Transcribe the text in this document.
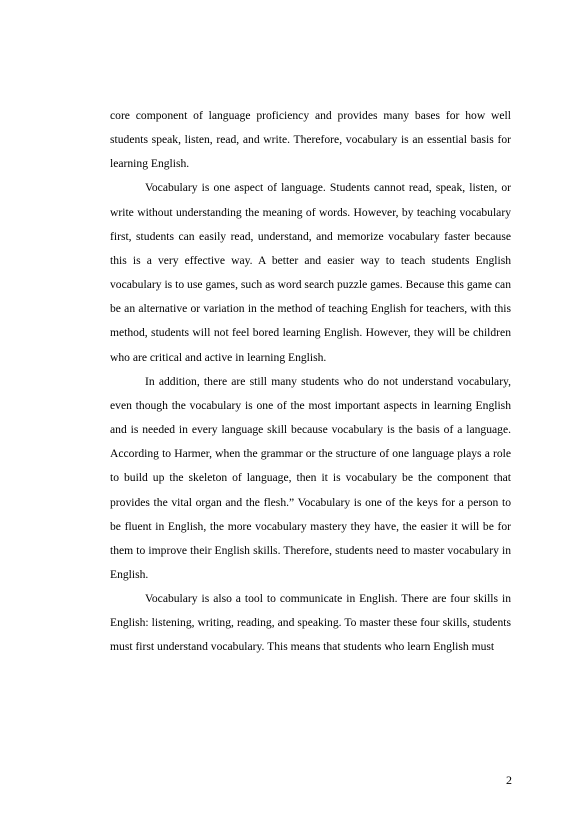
core component of language proficiency and provides many bases for how well students speak, listen, read, and write. Therefore, vocabulary is an essential basis for learning English.

Vocabulary is one aspect of language. Students cannot read, speak, listen, or write without understanding the meaning of words. However, by teaching vocabulary first, students can easily read, understand, and memorize vocabulary faster because this is a very effective way. A better and easier way to teach students English vocabulary is to use games, such as word search puzzle games. Because this game can be an alternative or variation in the method of teaching English for teachers, with this method, students will not feel bored learning English. However, they will be children who are critical and active in learning English.

In addition, there are still many students who do not understand vocabulary, even though the vocabulary is one of the most important aspects in learning English and is needed in every language skill because vocabulary is the basis of a language. According to Harmer, when the grammar or the structure of one language plays a role to build up the skeleton of language, then it is vocabulary be the component that provides the vital organ and the flesh.” Vocabulary is one of the keys for a person to be fluent in English, the more vocabulary mastery they have, the easier it will be for them to improve their English skills. Therefore, students need to master vocabulary in English.

Vocabulary is also a tool to communicate in English. There are four skills in English: listening, writing, reading, and speaking. To master these four skills, students must first understand vocabulary. This means that students who learn English must

2
